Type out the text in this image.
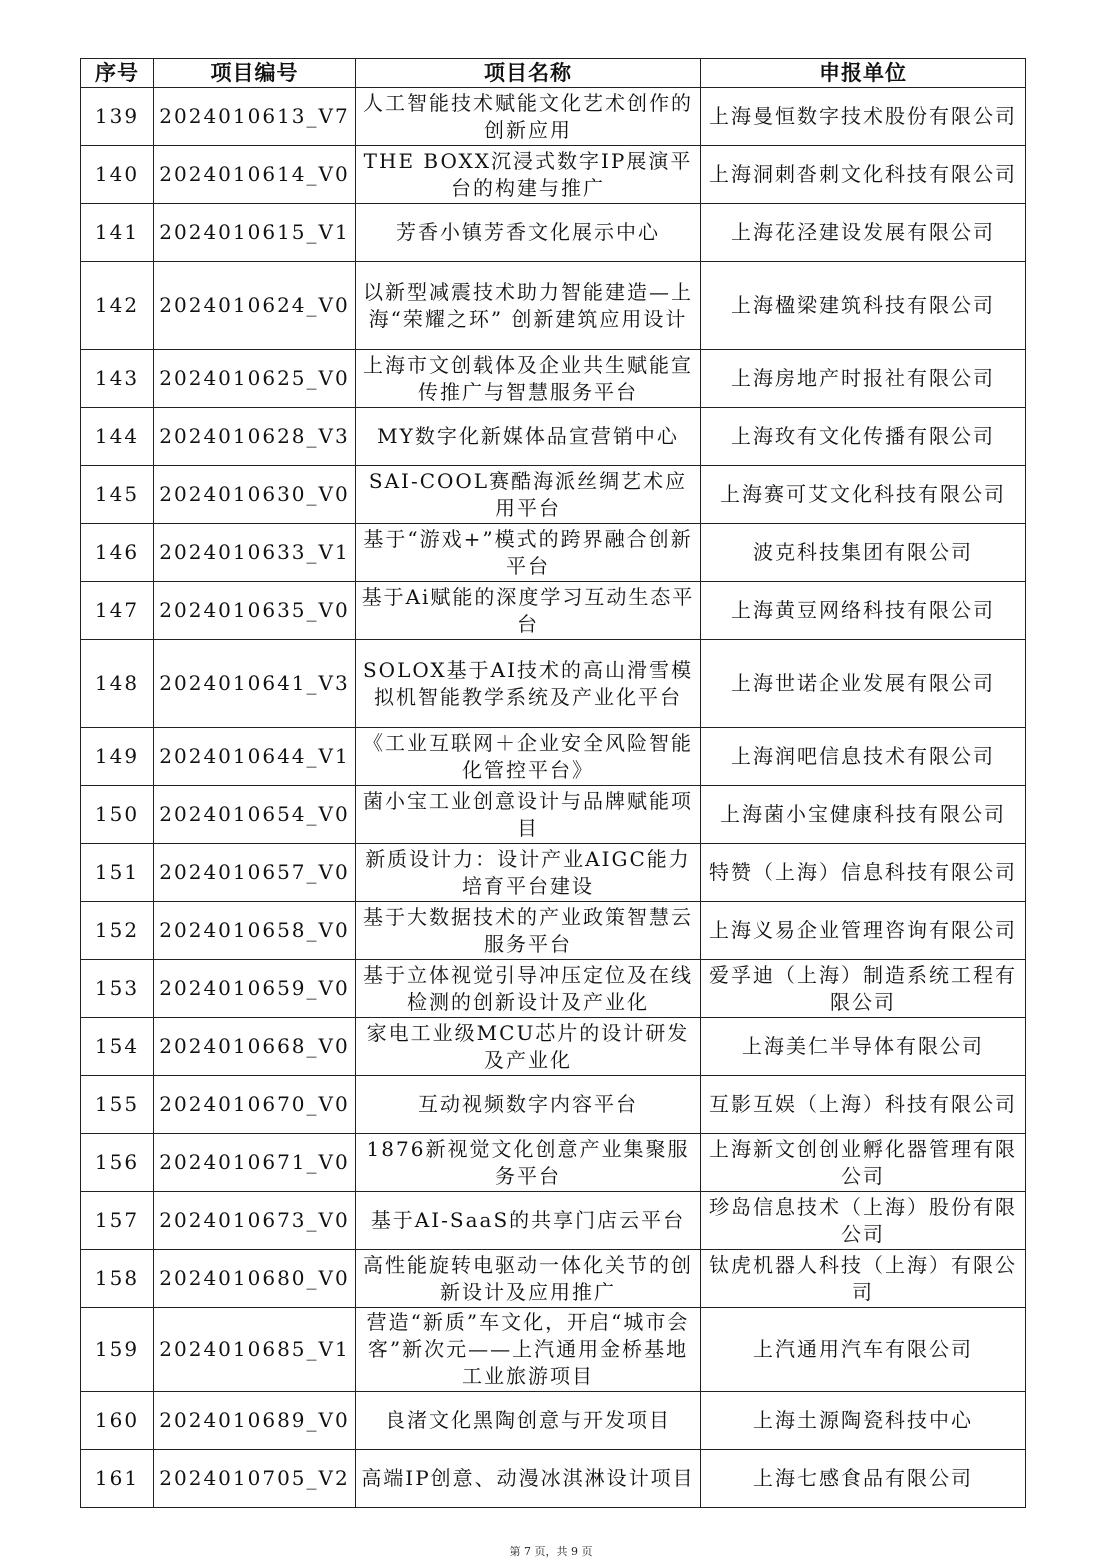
序号	项目编号	项目名称	申报单位
139	2024010613_V7	人工智能技术赋能文化艺术创作的创新应用	上海曼恒数字技术股份有限公司
140	2024010614_V0	THE BOXX沉浸式数字IP展演平台的构建与推广	上海洞刺沓刺文化科技有限公司
141	2024010615_V1	芳香小镇芳香文化展示中心	上海花泾建设发展有限公司
142	2024010624_V0	以新型减震技术助力智能建造—上海“荣耀之环” 创新建筑应用设计	上海楹梁建筑科技有限公司
143	2024010625_V0	上海市文创载体及企业共生赋能宣传推广与智慧服务平台	上海房地产时报社有限公司
144	2024010628_V3	MY数字化新媒体品宣营销中心	上海玫有文化传播有限公司
145	2024010630_V0	SAI-COOL赛酷海派丝绸艺术应用平台	上海赛可艾文化科技有限公司
146	2024010633_V1	基于“游戏+”模式的跨界融合创新平台	波克科技集团有限公司
147	2024010635_V0	基于Ai赋能的深度学习互动生态平台	上海黄豆网络科技有限公司
148	2024010641_V3	SOLOX基于AI技术的高山滑雪模拟机智能教学系统及产业化平台	上海世诺企业发展有限公司
149	2024010644_V1	《工业互联网＋企业安全风险智能化管控平台》	上海润吧信息技术有限公司
150	2024010654_V0	菌小宝工业创意设计与品牌赋能项目	上海菌小宝健康科技有限公司
151	2024010657_V0	新质设计力：设计产业AIGC能力培育平台建设	特赞（上海）信息科技有限公司
152	2024010658_V0	基于大数据技术的产业政策智慧云服务平台	上海义易企业管理咨询有限公司
153	2024010659_V0	基于立体视觉引导冲压定位及在线检测的创新设计及产业化	爱孚迪（上海）制造系统工程有限公司
154	2024010668_V0	家电工业级MCU芯片的设计研发及产业化	上海美仁半导体有限公司
155	2024010670_V0	互动视频数字内容平台	互影互娱（上海）科技有限公司
156	2024010671_V0	1876新视觉文化创意产业集聚服务平台	上海新文创创业孵化器管理有限公司
157	2024010673_V0	基于AI-SaaS的共享门店云平台	珍岛信息技术（上海）股份有限公司
158	2024010680_V0	高性能旋转电驱动一体化关节的创新设计及应用推广	钛虎机器人科技（上海）有限公司
159	2024010685_V1	营造“新质”车文化，开启“城市会客”新次元——上汽通用金桥基地工业旅游项目	上汽通用汽车有限公司
160	2024010689_V0	良渚文化黑陶创意与开发项目	上海土源陶瓷科技中心
161	2024010705_V2	高端IP创意、动漫冰淇淋设计项目	上海七感食品有限公司
第 7 页，共 9 页
